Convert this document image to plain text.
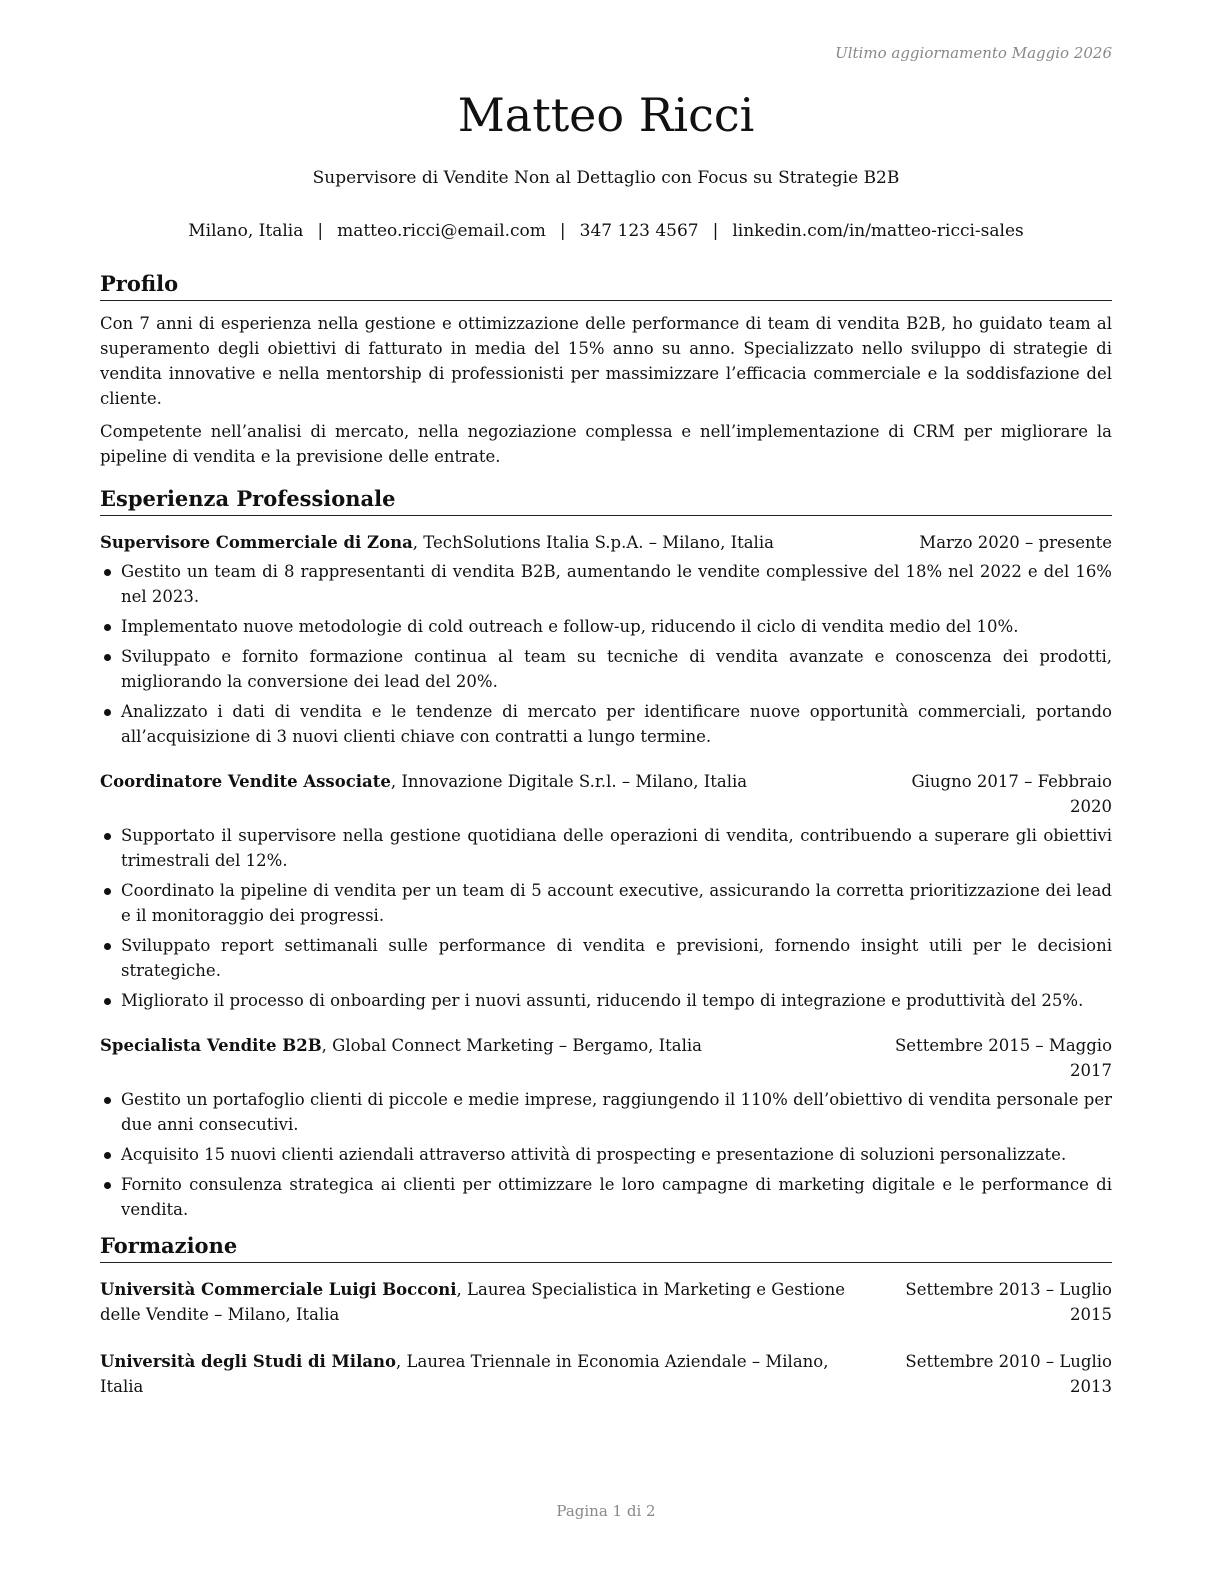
Ultimo aggiornamento Maggio 2026
Matteo Ricci
Supervisore di Vendite Non al Dettaglio con Focus su Strategie B2B
Milano, Italia | matteo.ricci@email.com | 347 123 4567 | linkedin.com/in/matteo-ricci-sales
Profilo

Con 7 anni di esperienza nella gestione e ottimizzazione delle performance di team di vendita B2B, ho guidato team al superamento degli obiettivi di fatturato in media del 15% anno su anno. Specializzato nello sviluppo di strategie di vendita innovative e nella mentorship di professionisti per massimizzare l’efficacia commerciale e la soddisfazione del cliente.

Competente nell’analisi di mercato, nella negoziazione complessa e nell’implementazione di CRM per migliorare la pipeline di vendita e la previsione delle entrate.

Esperienza Professionale
Supervisore Commerciale di Zona, TechSolutions Italia S.p.A. – Milano, Italia	Marzo 2020 – presente
Gestito un team di 8 rappresentanti di vendita B2B, aumentando le vendite complessive del 18% nel 2022 e del 16% nel 2023.
Implementato nuove metodologie di cold outreach e follow-up, riducendo il ciclo di vendita medio del 10%.
Sviluppato e fornito formazione continua al team su tecniche di vendita avanzate e conoscenza dei prodotti, migliorando la conversione dei lead del 20%.
Analizzato i dati di vendita e le tendenze di mercato per identificare nuove opportunità commerciali, portando all’acquisizione di 3 nuovi clienti chiave con contratti a lungo termine.
Coordinatore Vendite Associate, Innovazione Digitale S.r.l. – Milano, Italia	Giugno 2017 – Febbraio 2020
Supportato il supervisore nella gestione quotidiana delle operazioni di vendita, contribuendo a superare gli obiettivi trimestrali del 12%.
Coordinato la pipeline di vendita per un team di 5 account executive, assicurando la corretta prioritizzazione dei lead e il monitoraggio dei progressi.
Sviluppato report settimanali sulle performance di vendita e previsioni, fornendo insight utili per le decisioni strategiche.
Migliorato il processo di onboarding per i nuovi assunti, riducendo il tempo di integrazione e produttività del 25%.
Specialista Vendite B2B, Global Connect Marketing – Bergamo, Italia	Settembre 2015 – Maggio 2017
Gestito un portafoglio clienti di piccole e medie imprese, raggiungendo il 110% dell’obiettivo di vendita personale per due anni consecutivi.
Acquisito 15 nuovi clienti aziendali attraverso attività di prospecting e presentazione di soluzioni personalizzate.
Fornito consulenza strategica ai clienti per ottimizzare le loro campagne di marketing digitale e le performance di vendita.
Formazione
Università Commerciale Luigi Bocconi, Laurea Specialistica in Marketing e Gestione delle Vendite – Milano, Italia
Settembre 2013 – Luglio 2015
Università degli Studi di Milano, Laurea Triennale in Economia Aziendale – Milano, Italia
Settembre 2010 – Luglio 2013
Pagina 1 di 2
